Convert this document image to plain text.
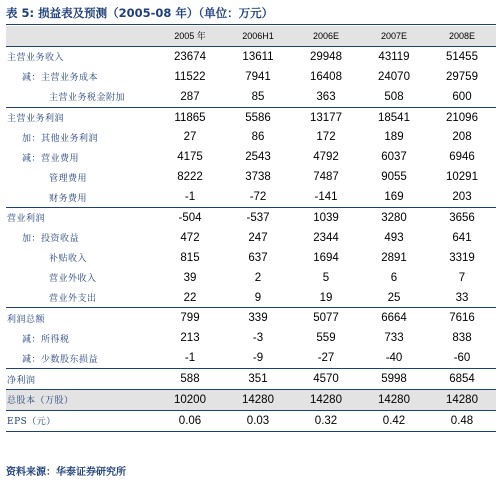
表 5: 损益表及预测（2005-08 年）（单位：万元）
	2005 年	2006H1	2006E	2007E	2008E
主营业务收入	23674	13611	29948	43119	51455
减：主营业务成本	11522	7941	16408	24070	29759
主营业务税金附加	287	85	363	508	600
主营业务利润	11865	5586	13177	18541	21096
加：其他业务利润	27	86	172	189	208
减：营业费用	4175	2543	4792	6037	6946
管理费用	8222	3738	7487	9055	10291
财务费用	-1	-72	-141	169	203
营业利润	-504	-537	1039	3280	3656
加：投资收益	472	247	2344	493	641
补贴收入	815	637	1694	2891	3319
营业外收入	39	2	5	6	7
营业外支出	22	9	19	25	33
利润总额	799	339	5077	6664	7616
减：所得税	213	-3	559	733	838
减：少数股东损益	-1	-9	-27	-40	-60
净利润	588	351	4570	5998	6854
总股本（万股）	10200	14280	14280	14280	14280
EPS（元）	0.06	0.03	0.32	0.42	0.48
资料来源：华泰证券研究所
